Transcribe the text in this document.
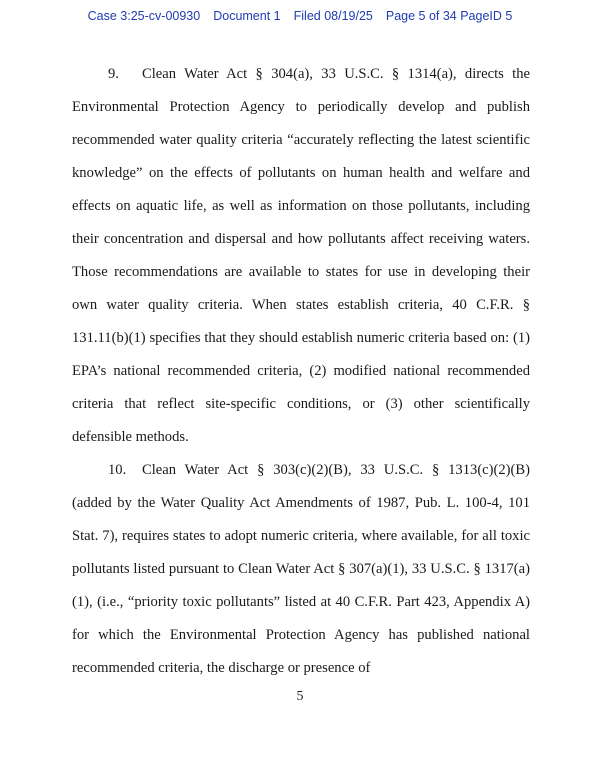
Case 3:25-cv-00930 Document 1 Filed 08/19/25 Page 5 of 34 PageID 5

9. Clean Water Act § 304(a), 33 U.S.C. § 1314(a), directs the Environmental Protection Agency to periodically develop and publish recommended water quality criteria “accurately reflecting the latest scientific knowledge” on the effects of pollutants on human health and welfare and effects on aquatic life, as well as information on those pollutants, including their concentration and dispersal and how pollutants affect receiving waters. Those recommendations are available to states for use in developing their own water quality criteria. When states establish criteria, 40 C.F.R. § 131.11(b)(1) specifies that they should establish numeric criteria based on: (1) EPA’s national recommended criteria, (2) modified national recommended criteria that reflect site-specific conditions, or (3) other scientifically defensible methods.

10. Clean Water Act § 303(c)(2)(B), 33 U.S.C. § 1313(c)(2)(B) (added by the Water Quality Act Amendments of 1987, Pub. L. 100-4, 101 Stat. 7), requires states to adopt numeric criteria, where available, for all toxic pollutants listed pursuant to Clean Water Act § 307(a)(1), 33 U.S.C. § 1317(a)(1), (i.e., “priority toxic pollutants” listed at 40 C.F.R. Part 423, Appendix A) for which the Environmental Protection Agency has published national recommended criteria, the discharge or presence of

5
